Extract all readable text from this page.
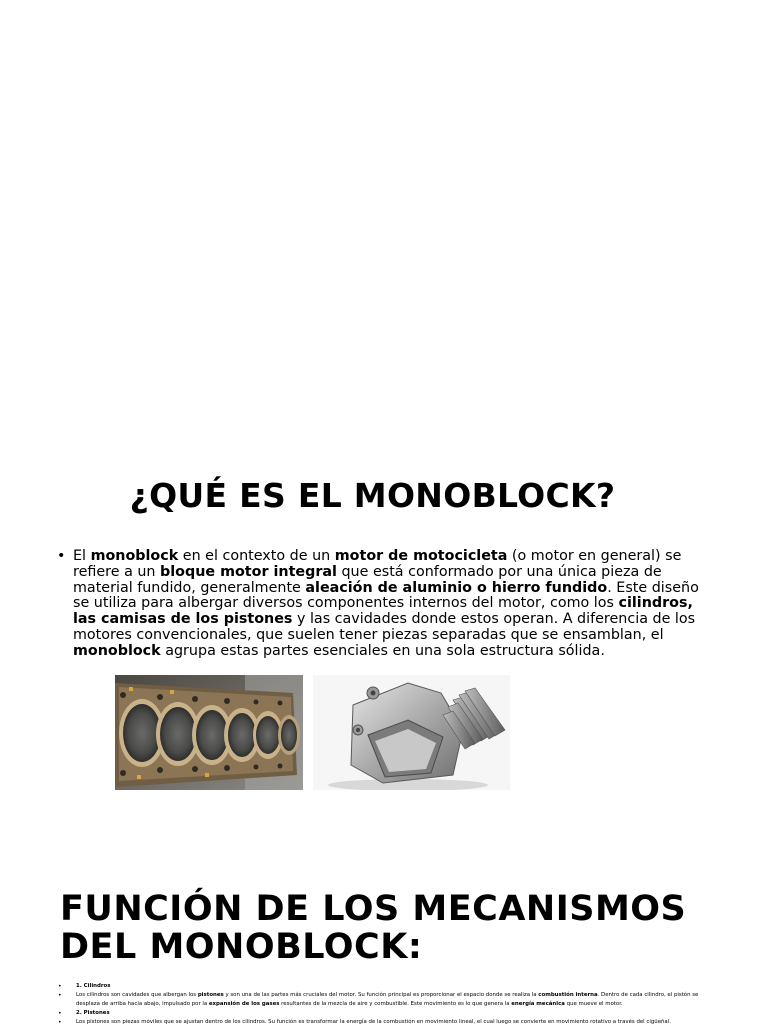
¿QUÉ ES EL MONOBLOCK?
• El monoblock en el contexto de un motor de motocicleta (o motor en general) se refiere a un bloque motor integral que está conformado por una única pieza de material fundido, generalmente aleación de aluminio o hierro fundido. Este diseño se utiliza para albergar diversos componentes internos del motor, como los cilindros, las camisas de los pistones y las cavidades donde estos operan. A diferencia de los motores convencionales, que suelen tener piezas separadas que se ensamblan, el monoblock agrupa estas partes esenciales en una sola estructura sólida.
FUNCIÓN DE LOS MECANISMOS
DEL MONOBLOCK:
• 1. Cilindros
• Los cilindros son cavidades que albergan los pistones y son una de las partes más cruciales del motor. Su función principal es proporcionar el espacio donde se realiza la combustión interna. Dentro de cada cilindro, el pistón se desplaza de arriba hacia abajo, impulsado por la expansión de los gases resultantes de la mezcla de aire y combustible. Este movimiento es lo que genera la energía mecánica que mueve el motor.
• 2. Pistones
• Los pistones son piezas móviles que se ajustan dentro de los cilindros. Su función es transformar la energía de la combustión en movimiento lineal, el cual luego se convierte en movimiento rotativo a través del cigüeñal.
